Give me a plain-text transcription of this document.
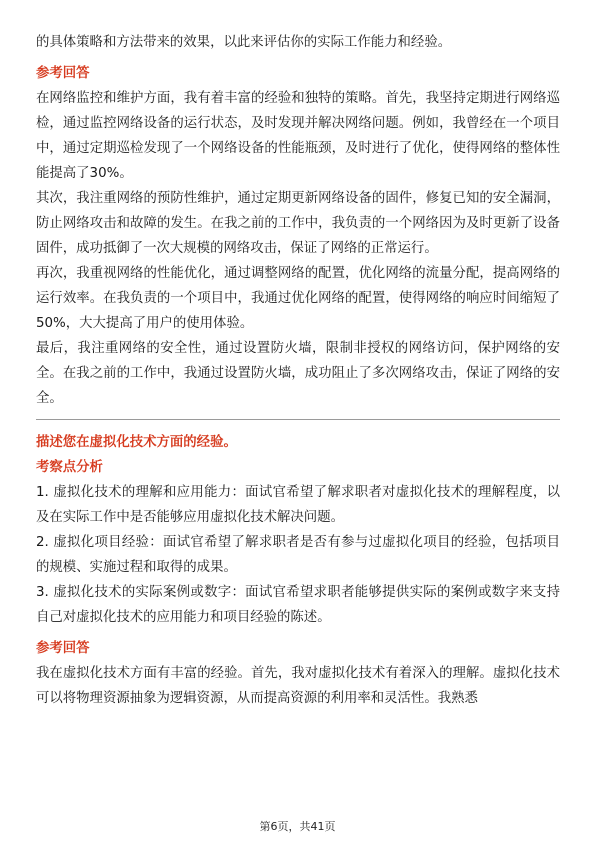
的具体策略和方法带来的效果，以此来评估你的实际工作能力和经验。

参考回答

在网络监控和维护方面，我有着丰富的经验和独特的策略。首先，我坚持定期进行网络巡检，通过监控网络设备的运行状态，及时发现并解决网络问题。例如，我曾经在一个项目中，通过定期巡检发现了一个网络设备的性能瓶颈，及时进行了优化，使得网络的整体性能提高了30%。

其次，我注重网络的预防性维护，通过定期更新网络设备的固件，修复已知的安全漏洞，防止网络攻击和故障的发生。在我之前的工作中，我负责的一个网络因为及时更新了设备固件，成功抵御了一次大规模的网络攻击，保证了网络的正常运行。

再次，我重视网络的性能优化，通过调整网络的配置，优化网络的流量分配，提高网络的运行效率。在我负责的一个项目中，我通过优化网络的配置，使得网络的响应时间缩短了50%，大大提高了用户的使用体验。

最后，我注重网络的安全性，通过设置防火墙，限制非授权的网络访问，保护网络的安全。在我之前的工作中，我通过设置防火墙，成功阻止了多次网络攻击，保证了网络的安全。

描述您在虚拟化技术方面的经验。

考察点分析

1. 虚拟化技术的理解和应用能力：面试官希望了解求职者对虚拟化技术的理解程度，以及在实际工作中是否能够应用虚拟化技术解决问题。

2. 虚拟化项目经验：面试官希望了解求职者是否有参与过虚拟化项目的经验，包括项目的规模、实施过程和取得的成果。

3. 虚拟化技术的实际案例或数字：面试官希望求职者能够提供实际的案例或数字来支持自己对虚拟化技术的应用能力和项目经验的陈述。

参考回答

我在虚拟化技术方面有丰富的经验。首先，我对虚拟化技术有着深入的理解。虚拟化技术可以将物理资源抽象为逻辑资源，从而提高资源的利用率和灵活性。我熟悉

第6页，共41页
